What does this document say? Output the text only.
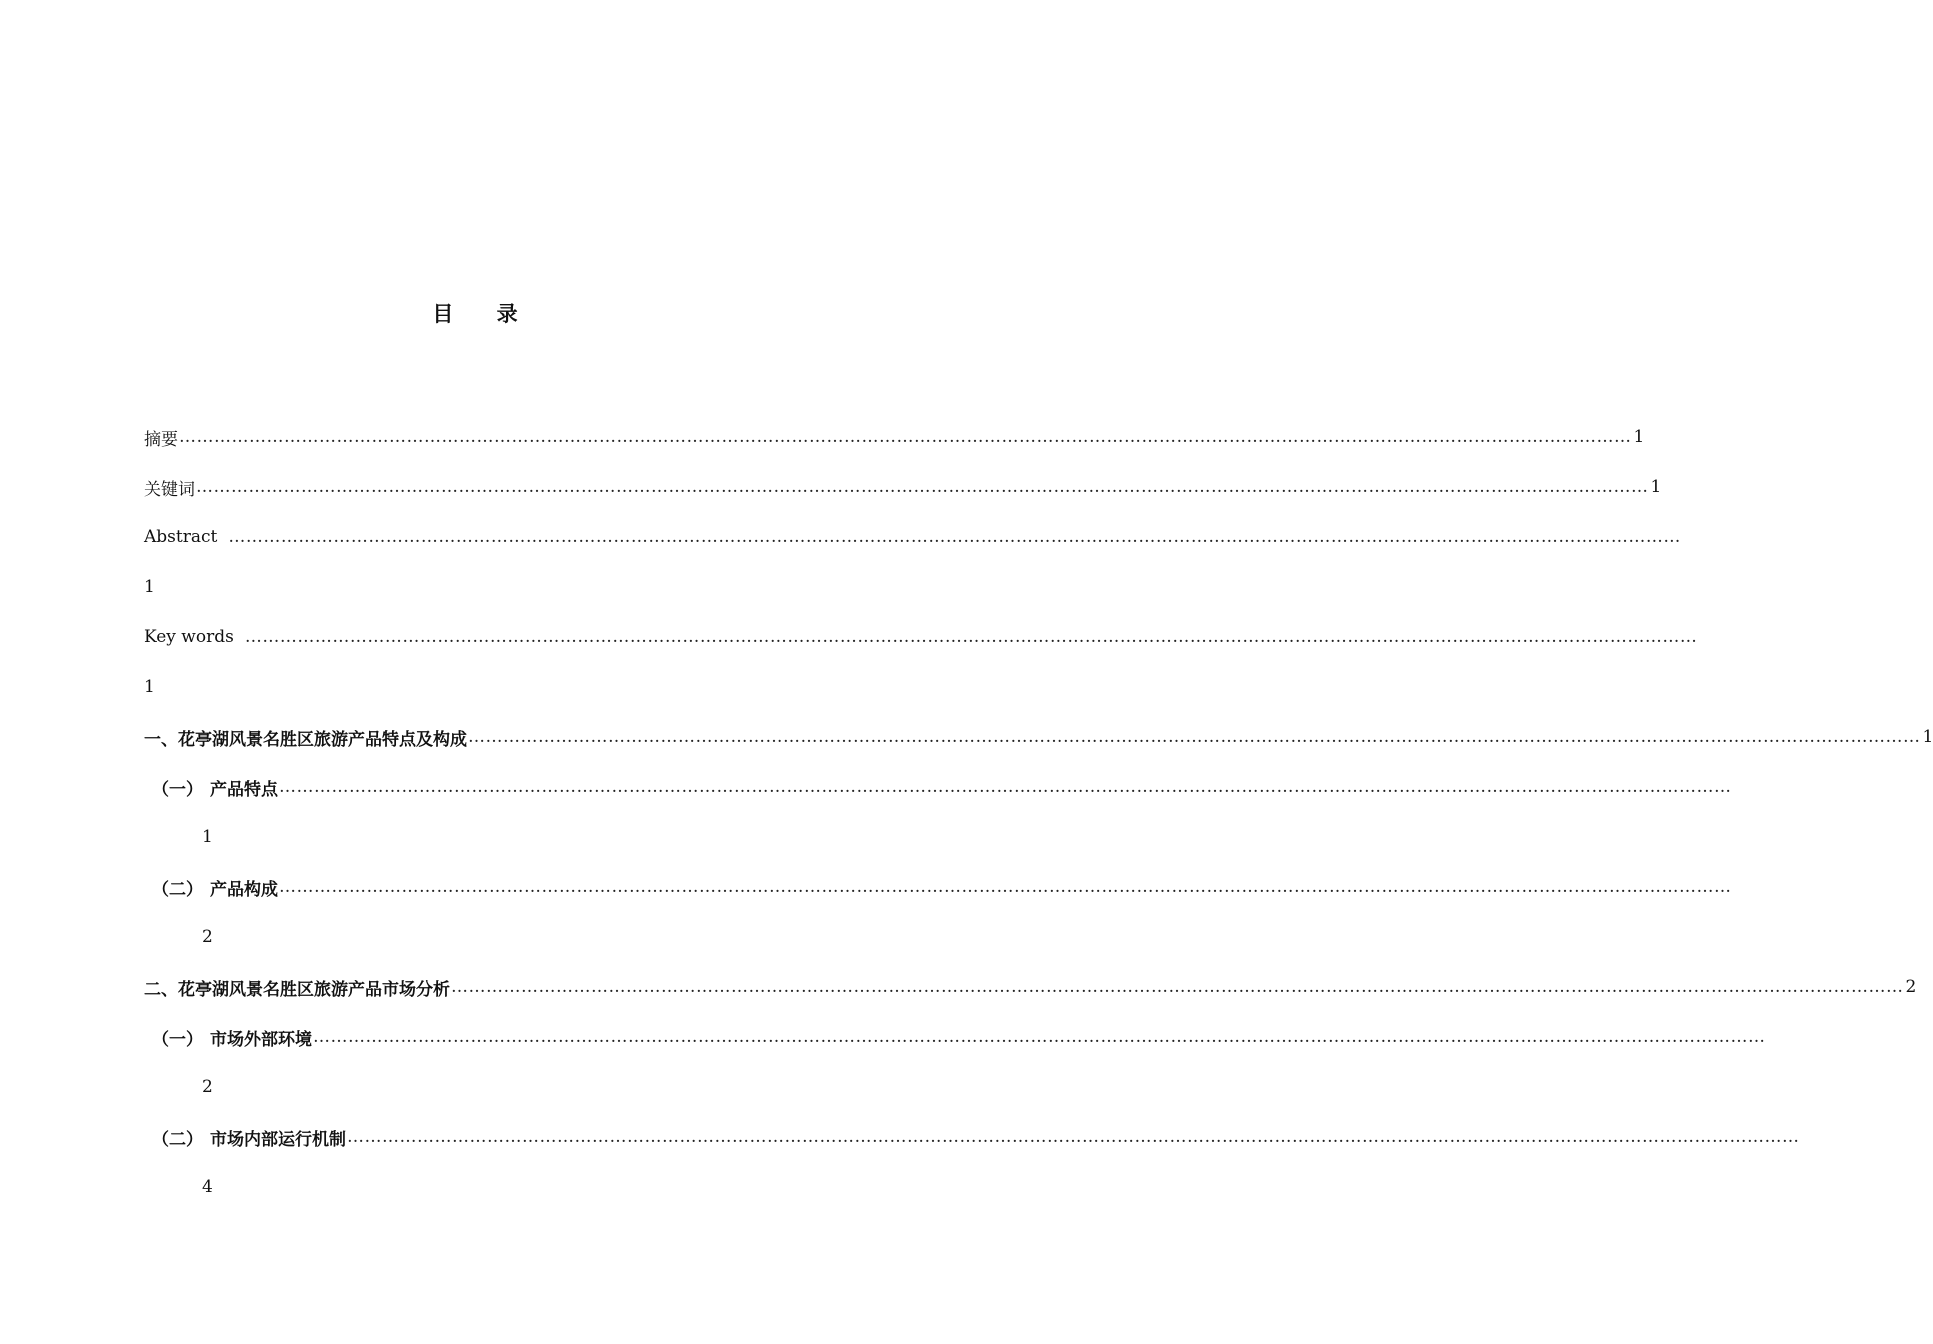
目 录
摘要 …………………………………………………………………………………………………………………………………………………………………………………………………………………………… 1
关键词 …………………………………………………………………………………………………………………………………………………………………………………………………………………………… 1
Abstract ……………………………………………………………………………………………………………………………………………………………………………………………………………………………
1
Key words ……………………………………………………………………………………………………………………………………………………………………………………………………………………………
1
一、花亭湖风景名胜区旅游产品特点及构成 …………………………………………………………………………………………………………………………………………………………………………………………………………………………… 1
（一） 产品特点 ……………………………………………………………………………………………………………………………………………………………………………………………………………………………
1
（二） 产品构成 ……………………………………………………………………………………………………………………………………………………………………………………………………………………………
2
二、花亭湖风景名胜区旅游产品市场分析 …………………………………………………………………………………………………………………………………………………………………………………………………………………………… 2
（一） 市场外部环境 ……………………………………………………………………………………………………………………………………………………………………………………………………………………………
2
（二） 市场内部运行机制 ……………………………………………………………………………………………………………………………………………………………………………………………………………………………
4
